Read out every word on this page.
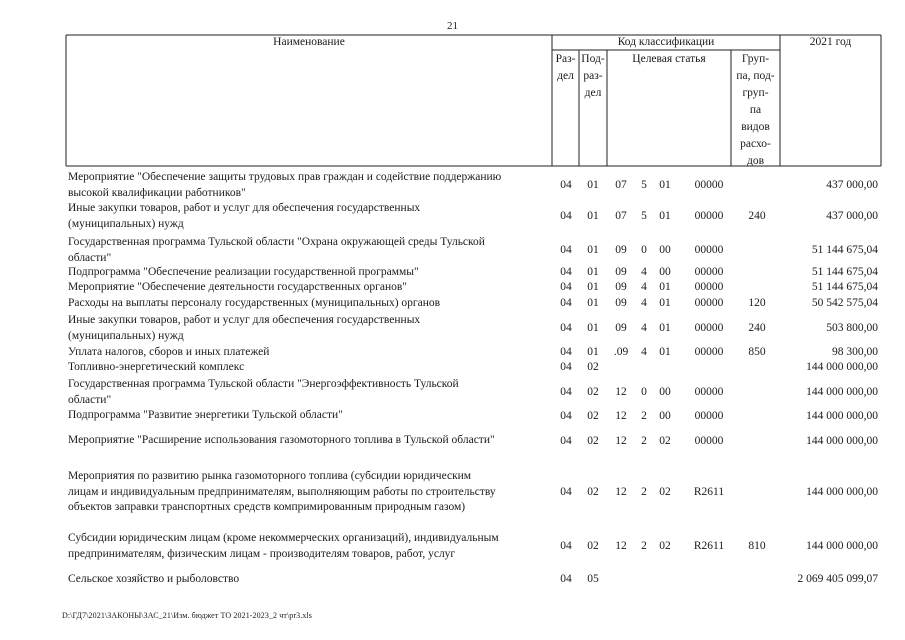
21
Наименование	Код классификации	2021 год
Раз-
дел
Под-
раз-
дел
Целевая статья	Груп-
па, под-
груп-
па
видов
расхо-
дов
Мероприятие "Обеспечение защиты трудовых прав граждан и содействие поддержанию
высокой квалификации работников"
04	01	07	5	01	00000	437 000,00
Иные закупки товаров, работ и услуг для обеспечения государственных
(муниципальных) нужд
04	01	07	5	01	00000	240	437 000,00
Государственная программа Тульской области "Охрана окружающей среды Тульской
области"
04	01	09	0	00	00000	51 144 675,04
Подпрограмма "Обеспечение реализации государственной программы"	04	01	09	4	00	00000	51 144 675,04
Мероприятие "Обеспечение деятельности государственных органов"	04	01	09	4	01	00000	51 144 675,04
Расходы на выплаты персоналу государственных (муниципальных) органов	04	01	09	4	01	00000	120	50 542 575,04
Иные закупки товаров, работ и услуг для обеспечения государственных
(муниципальных) нужд
04	01	09	4	01	00000	240	503 800,00
Уплата налогов, сборов и иных платежей	04	01	.09	4	01	00000	850	98 300,00
Топливно-энергетический комплекс	04	02	144 000 000,00
Государственная программа Тульской области "Энергоэффективность Тульской
области"
04	02	12	0	00	00000	144 000 000,00
Подпрограмма "Развитие энергетики Тульской области"	04	02	12	2	00	00000	144 000 000,00
Мероприятие "Расширение использования газомоторного топлива в Тульской области"	04	02	12	2	02	00000	144 000 000,00
Мероприятия по развитию рынка газомоторного топлива (субсидии юридическим
лицам и индивидуальным предпринимателям, выполняющим работы по строительству
объектов заправки транспортных средств компримированным природным газом)
04	02	12	2	02	R2611	144 000 000,00
Субсидии юридическим лицам (кроме некоммерческих организаций), индивидуальным
предпринимателям, физическим лицам - производителям товаров, работ, услуг
04	02	12	2	02	R2611	810	144 000 000,00
Сельское хозяйство и рыболовство	04	05	2 069 405 099,07
D:\ГД7\2021\ЗАКОНЫ\ЗАС_21\Изм. бюджет ТО 2021-2023_2 чт\pr3.xls
